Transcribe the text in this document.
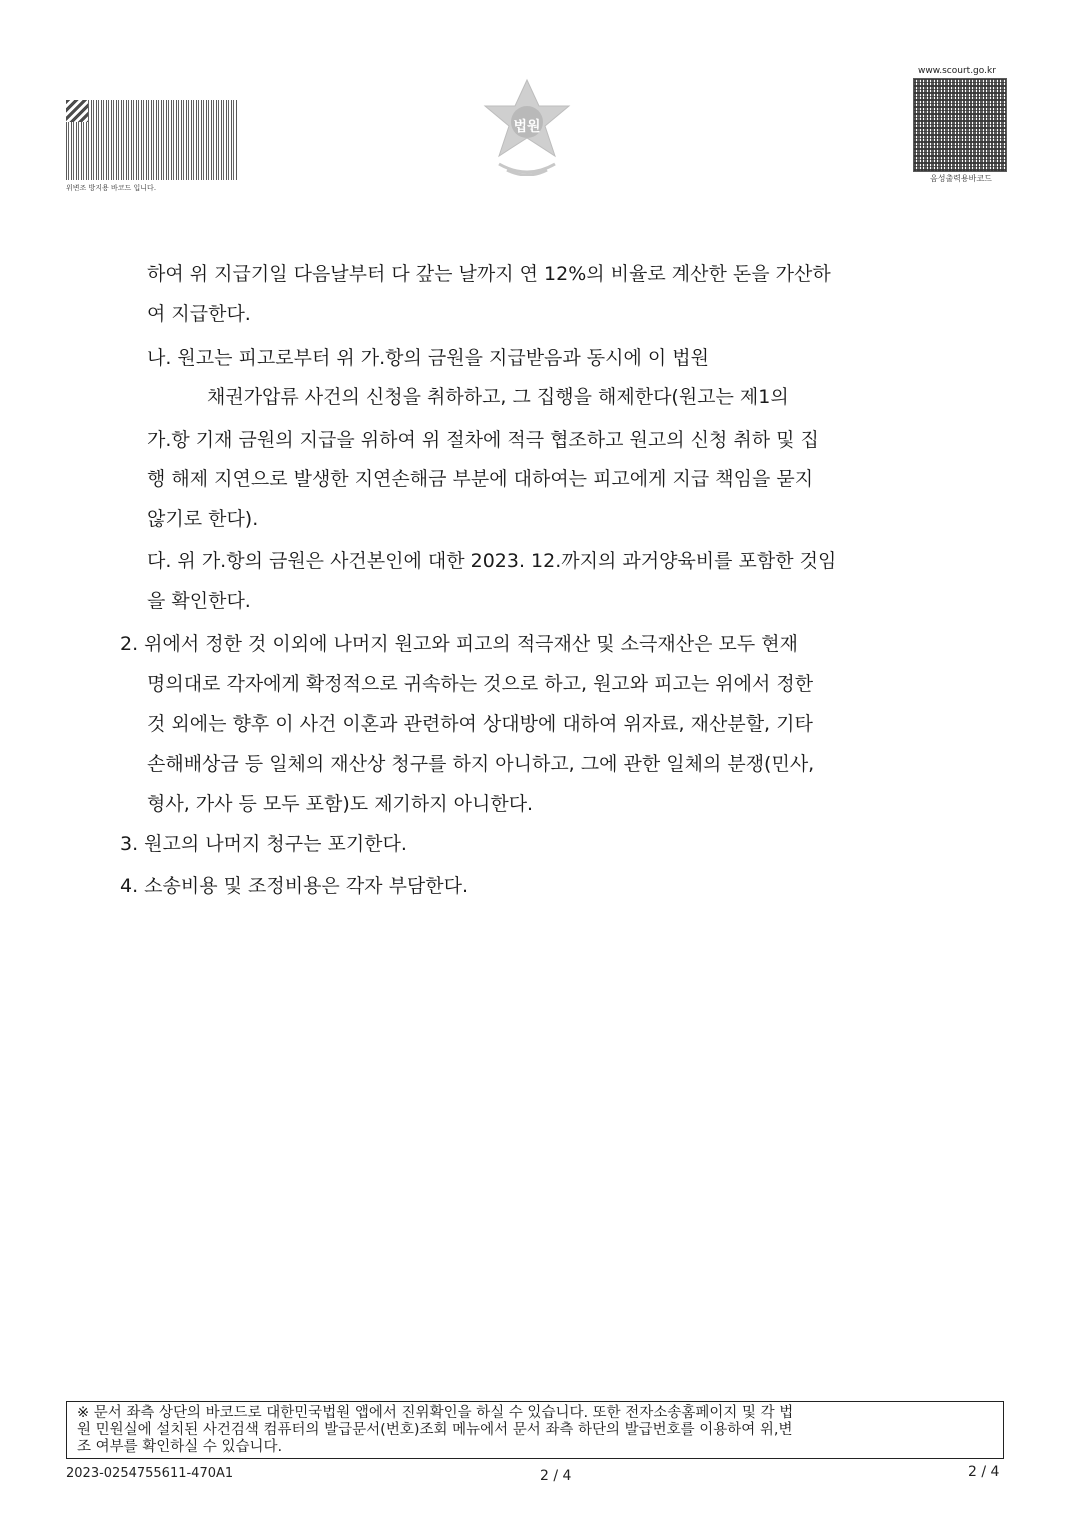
위변조 방지용 바코드 입니다.
법원
www.scourt.go.kr
음성출력용바코드
하여 위 지급기일 다음날부터 다 갚는 날까지 연 12%의 비율로 계산한 돈을 가산하
여 지급한다.
나. 원고는 피고로부터 위 가.항의 금원을 지급받음과 동시에 이 법원
채권가압류 사건의 신청을 취하하고, 그 집행을 해제한다(원고는 제1의
가.항 기재 금원의 지급을 위하여 위 절차에 적극 협조하고 원고의 신청 취하 및 집
행 해제 지연으로 발생한 지연손해금 부분에 대하여는 피고에게 지급 책임을 묻지
않기로 한다).
다. 위 가.항의 금원은 사건본인에 대한 2023. 12.까지의 과거양육비를 포함한 것임
을 확인한다.
2. 위에서 정한 것 이외에 나머지 원고와 피고의 적극재산 및 소극재산은 모두 현재
명의대로 각자에게 확정적으로 귀속하는 것으로 하고, 원고와 피고는 위에서 정한
것 외에는 향후 이 사건 이혼과 관련하여 상대방에 대하여 위자료, 재산분할, 기타
손해배상금 등 일체의 재산상 청구를 하지 아니하고, 그에 관한 일체의 분쟁(민사,
형사, 가사 등 모두 포함)도 제기하지 아니한다.
3. 원고의 나머지 청구는 포기한다.
4. 소송비용 및 조정비용은 각자 부담한다.
※ 문서 좌측 상단의 바코드로 대한민국법원 앱에서 진위확인을 하실 수 있습니다. 또한 전자소송홈페이지 및 각 법
원 민원실에 설치된 사건검색 컴퓨터의 발급문서(번호)조회 메뉴에서 문서 좌측 하단의 발급번호를 이용하여 위,변
조 여부를 확인하실 수 있습니다.
2023-0254755611-470A1	2 / 4	2 / 4
